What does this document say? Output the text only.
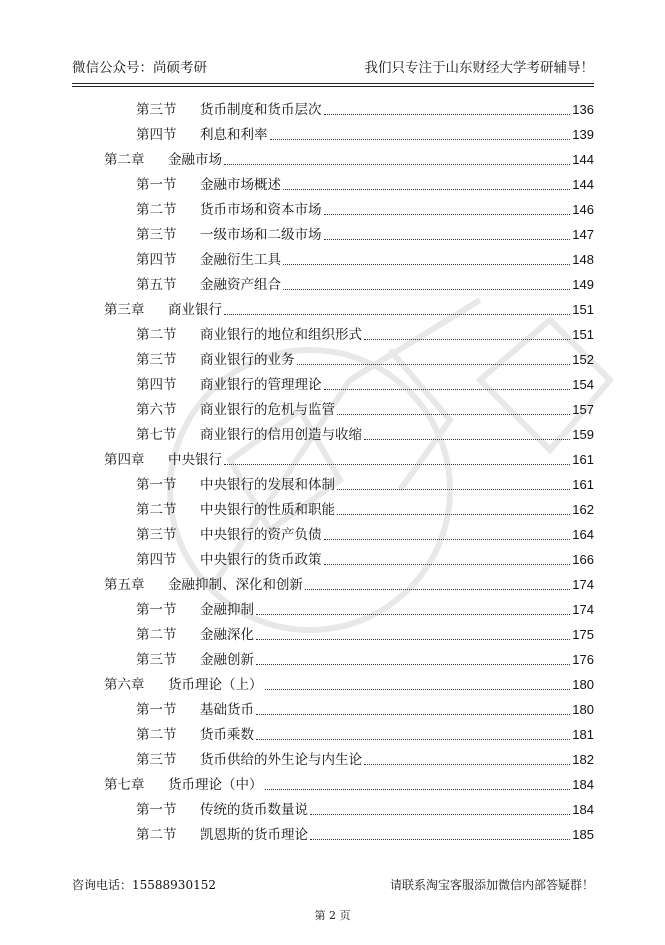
微信公众号：尚硕考研	我们只专注于山东财经大学考研辅导！
第三节	货币制度和货币层次	136
第四节	利息和利率	139
第二章	金融市场	144
第一节	金融市场概述	144
第二节	货币市场和资本市场	146
第三节	一级市场和二级市场	147
第四节	金融衍生工具	148
第五节	金融资产组合	149
第三章	商业银行	151
第二节	商业银行的地位和组织形式	151
第三节	商业银行的业务	152
第四节	商业银行的管理理论	154
第六节	商业银行的危机与监管	157
第七节	商业银行的信用创造与收缩	159
第四章	中央银行	161
第一节	中央银行的发展和体制	161
第二节	中央银行的性质和职能	162
第三节	中央银行的资产负债	164
第四节	中央银行的货币政策	166
第五章	金融抑制、深化和创新	174
第一节	金融抑制	174
第二节	金融深化	175
第三节	金融创新	176
第六章	货币理论（上）	180
第一节	基础货币	180
第二节	货币乘数	181
第三节	货币供给的外生论与内生论	182
第七章	货币理论（中）	184
第一节	传统的货币数量说	184
第二节	凯恩斯的货币理论	185
咨询电话：15588930152	请联系淘宝客服添加微信内部答疑群！
第 2 页
